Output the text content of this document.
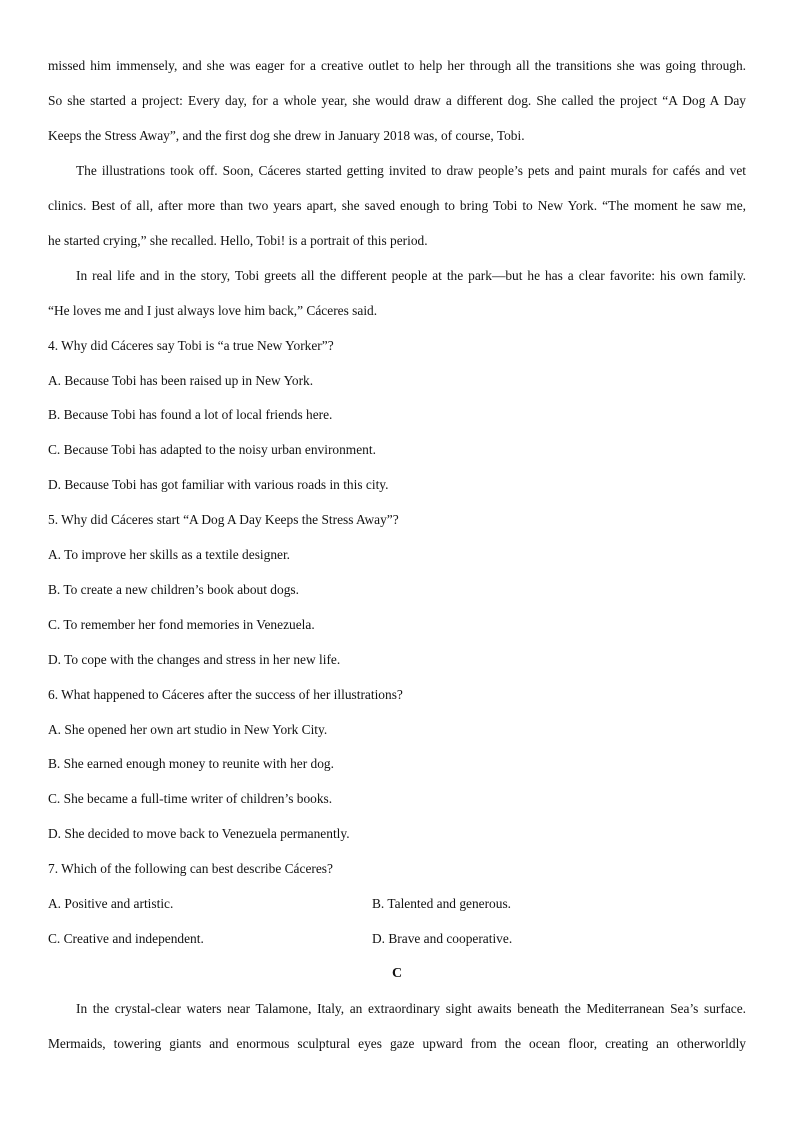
missed him immensely, and she was eager for a creative outlet to help her through all the transitions she was going through.
So she started a project: Every day, for a whole year, she would draw a different dog. She called the project “A Dog A Day
Keeps the Stress Away”, and the first dog she drew in January 2018 was, of course, Tobi.
The illustrations took off. Soon, Cáceres started getting invited to draw people’s pets and paint murals for cafés and vet
clinics. Best of all, after more than two years apart, she saved enough to bring Tobi to New York. “The moment he saw me,
he started crying,” she recalled. Hello, Tobi! is a portrait of this period.
In real life and in the story, Tobi greets all the different people at the park—but he has a clear favorite: his own family.
“He loves me and I just always love him back,” Cáceres said.
4. Why did Cáceres say Tobi is “a true New Yorker”?
A. Because Tobi has been raised up in New York.
B. Because Tobi has found a lot of local friends here.
C. Because Tobi has adapted to the noisy urban environment.
D. Because Tobi has got familiar with various roads in this city.
5. Why did Cáceres start “A Dog A Day Keeps the Stress Away”?
A. To improve her skills as a textile designer.
B. To create a new children’s book about dogs.
C. To remember her fond memories in Venezuela.
D. To cope with the changes and stress in her new life.
6. What happened to Cáceres after the success of her illustrations?
A. She opened her own art studio in New York City.
B. She earned enough money to reunite with her dog.
C. She became a full-time writer of children’s books.
D. She decided to move back to Venezuela permanently.
7. Which of the following can best describe Cáceres?
A. Positive and artistic.	B. Talented and generous.
C. Creative and independent.	D. Brave and cooperative.
C
In the crystal-clear waters near Talamone, Italy, an extraordinary sight awaits beneath the Mediterranean Sea’s surface.
Mermaids, towering giants and enormous sculptural eyes gaze upward from the ocean floor, creating an otherworldly
